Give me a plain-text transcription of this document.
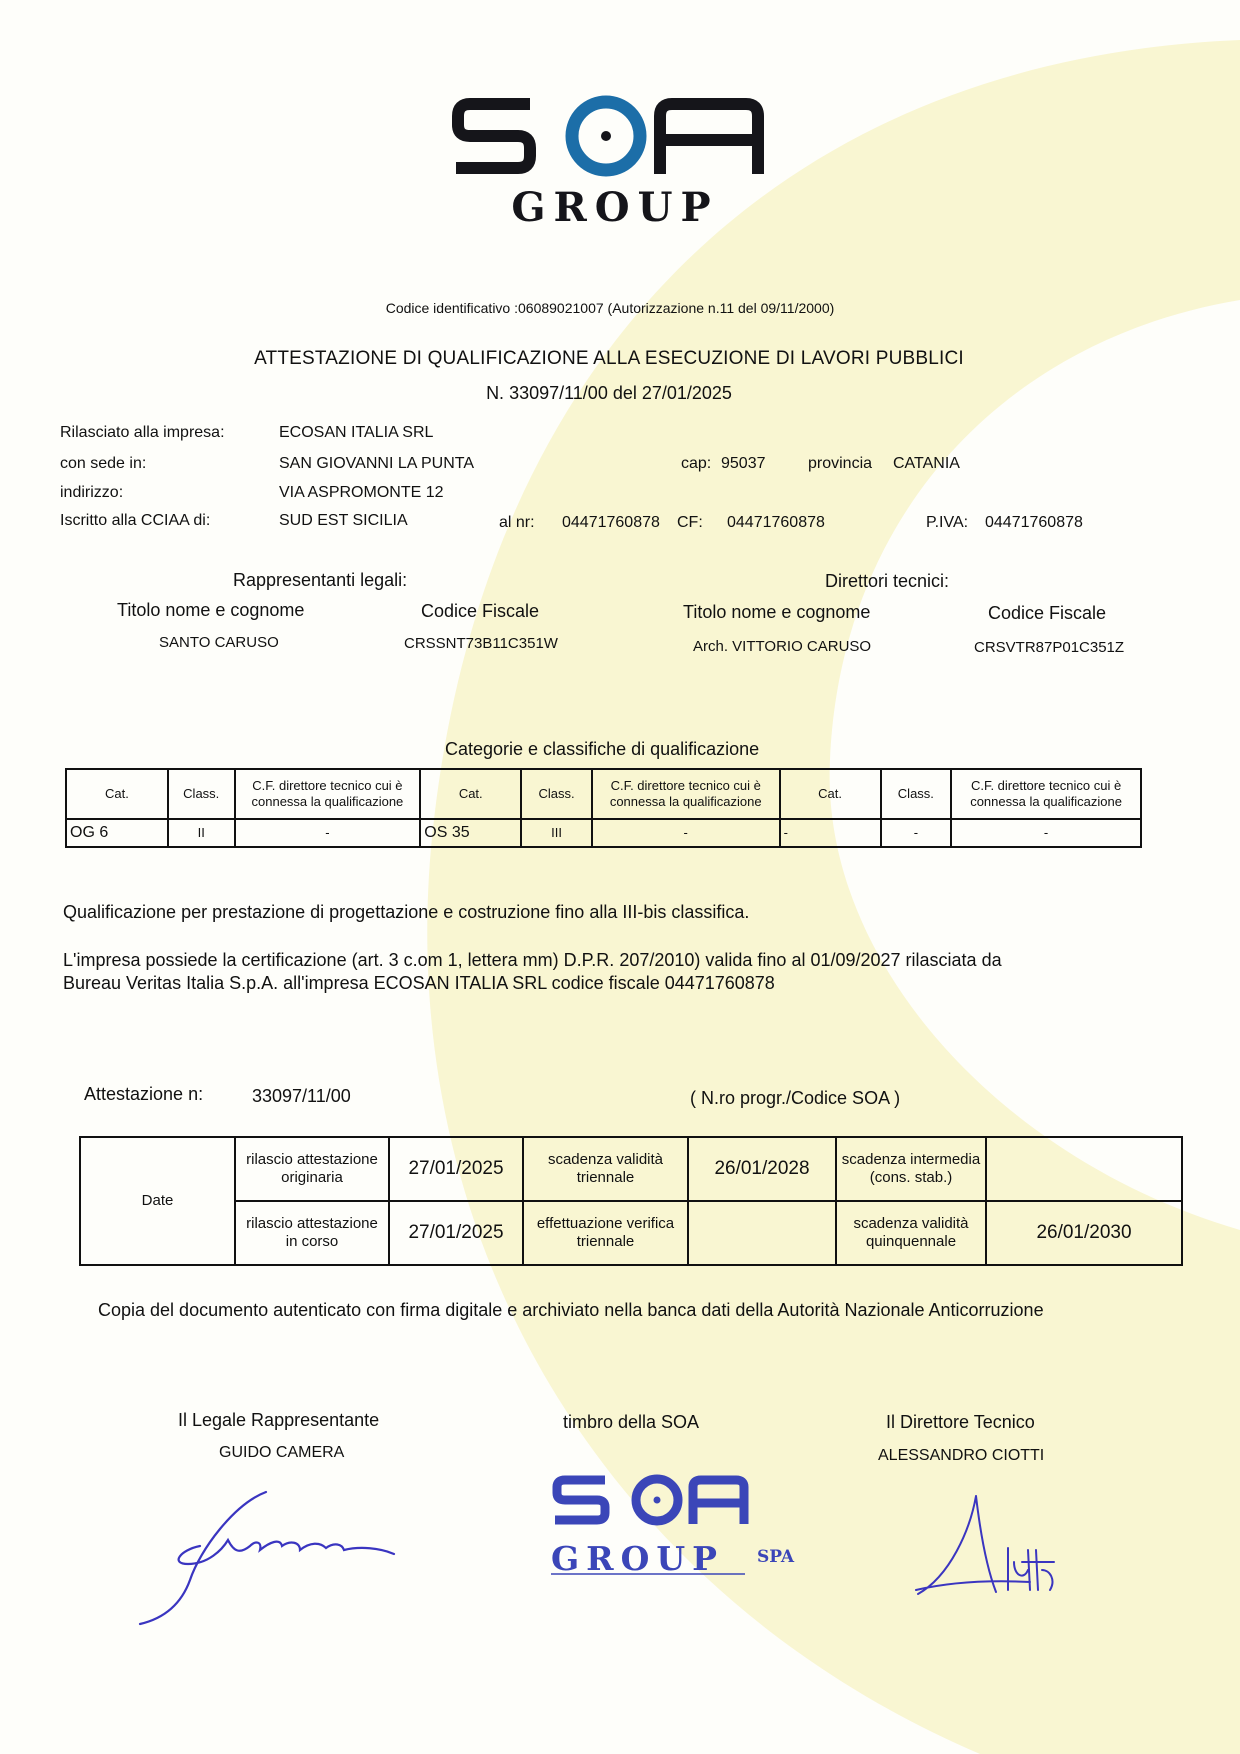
GROUP
Codice identificativo :06089021007 (Autorizzazione n.11 del 09/11/2000)
ATTESTAZIONE DI QUALIFICAZIONE ALLA ESECUZIONE DI LAVORI PUBBLICI
N. 33097/11/00 del 27/01/2025
Rilasciato alla impresa:	ECOSAN ITALIA SRL
con sede in:	SAN GIOVANNI LA PUNTA	cap: 95037	provincia CATANIA
indirizzo:	VIA ASPROMONTE 12
Iscritto alla CCIAA di:	SUD EST SICILIA	al nr: 04471760878 CF: 04471760878	P.IVA: 04471760878
Rappresentanti legali:	Direttori tecnici:
Titolo nome e cognome	Codice Fiscale	Titolo nome e cognome	Codice Fiscale
SANTO CARUSO	CRSSNT73B11C351W	Arch. VITTORIO CARUSO	CRSVTR87P01C351Z
Categorie e classifiche di qualificazione
Cat.	Class.	C.F. direttore tecnico cui è connessa la qualificazione	Cat.	Class.	C.F. direttore tecnico cui è connessa la qualificazione	Cat.	Class.	C.F. direttore tecnico cui è connessa la qualificazione
OG 6	II	-	OS 35	III	-	-	-	-
Qualificazione per prestazione di progettazione e costruzione fino alla III-bis classifica.
L'impresa possiede la certificazione (art. 3 c.om 1, lettera mm) D.P.R. 207/2010) valida fino al 01/09/2027 rilasciata da
Bureau Veritas Italia S.p.A. all'impresa ECOSAN ITALIA SRL codice fiscale 04471760878
Attestazione n:	33097/11/00	( N.ro progr./Codice SOA )
Date	rilascio attestazione originaria	27/01/2025	scadenza validità triennale	26/01/2028	scadenza intermedia (cons. stab.)	
	rilascio attestazione in corso	27/01/2025	effettuazione verifica triennale		scadenza validità quinquennale	26/01/2030
Copia del documento autenticato con firma digitale e archiviato nella banca dati della Autorità Nazionale Anticorruzione
Il Legale Rappresentante
GUIDO CAMERA
timbro della SOA	Il Direttore Tecnico
ALESSANDRO CIOTTI
GROUP SPA
